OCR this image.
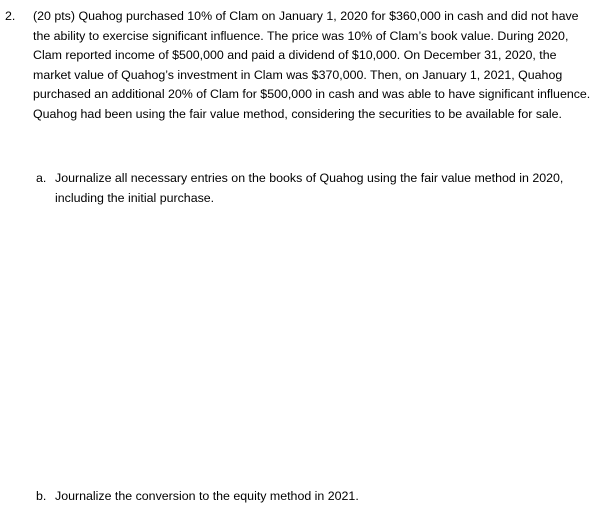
2.	(20 pts) Quahog purchased 10% of Clam on January 1, 2020 for $360,000 in cash and did not have the ability to exercise significant influence. The price was 10% of Clam’s book value. During 2020, Clam reported income of $500,000 and paid a dividend of $10,000. On December 31, 2020, the market value of Quahog’s investment in Clam was $370,000. Then, on January 1, 2021, Quahog purchased an additional 20% of Clam for $500,000 in cash and was able to have significant influence. Quahog had been using the fair value method, considering the securities to be available for sale.

a. Journalize all necessary entries on the books of Quahog using the fair value method in 2020, including the initial purchase.

b. Journalize the conversion to the equity method in 2021.
